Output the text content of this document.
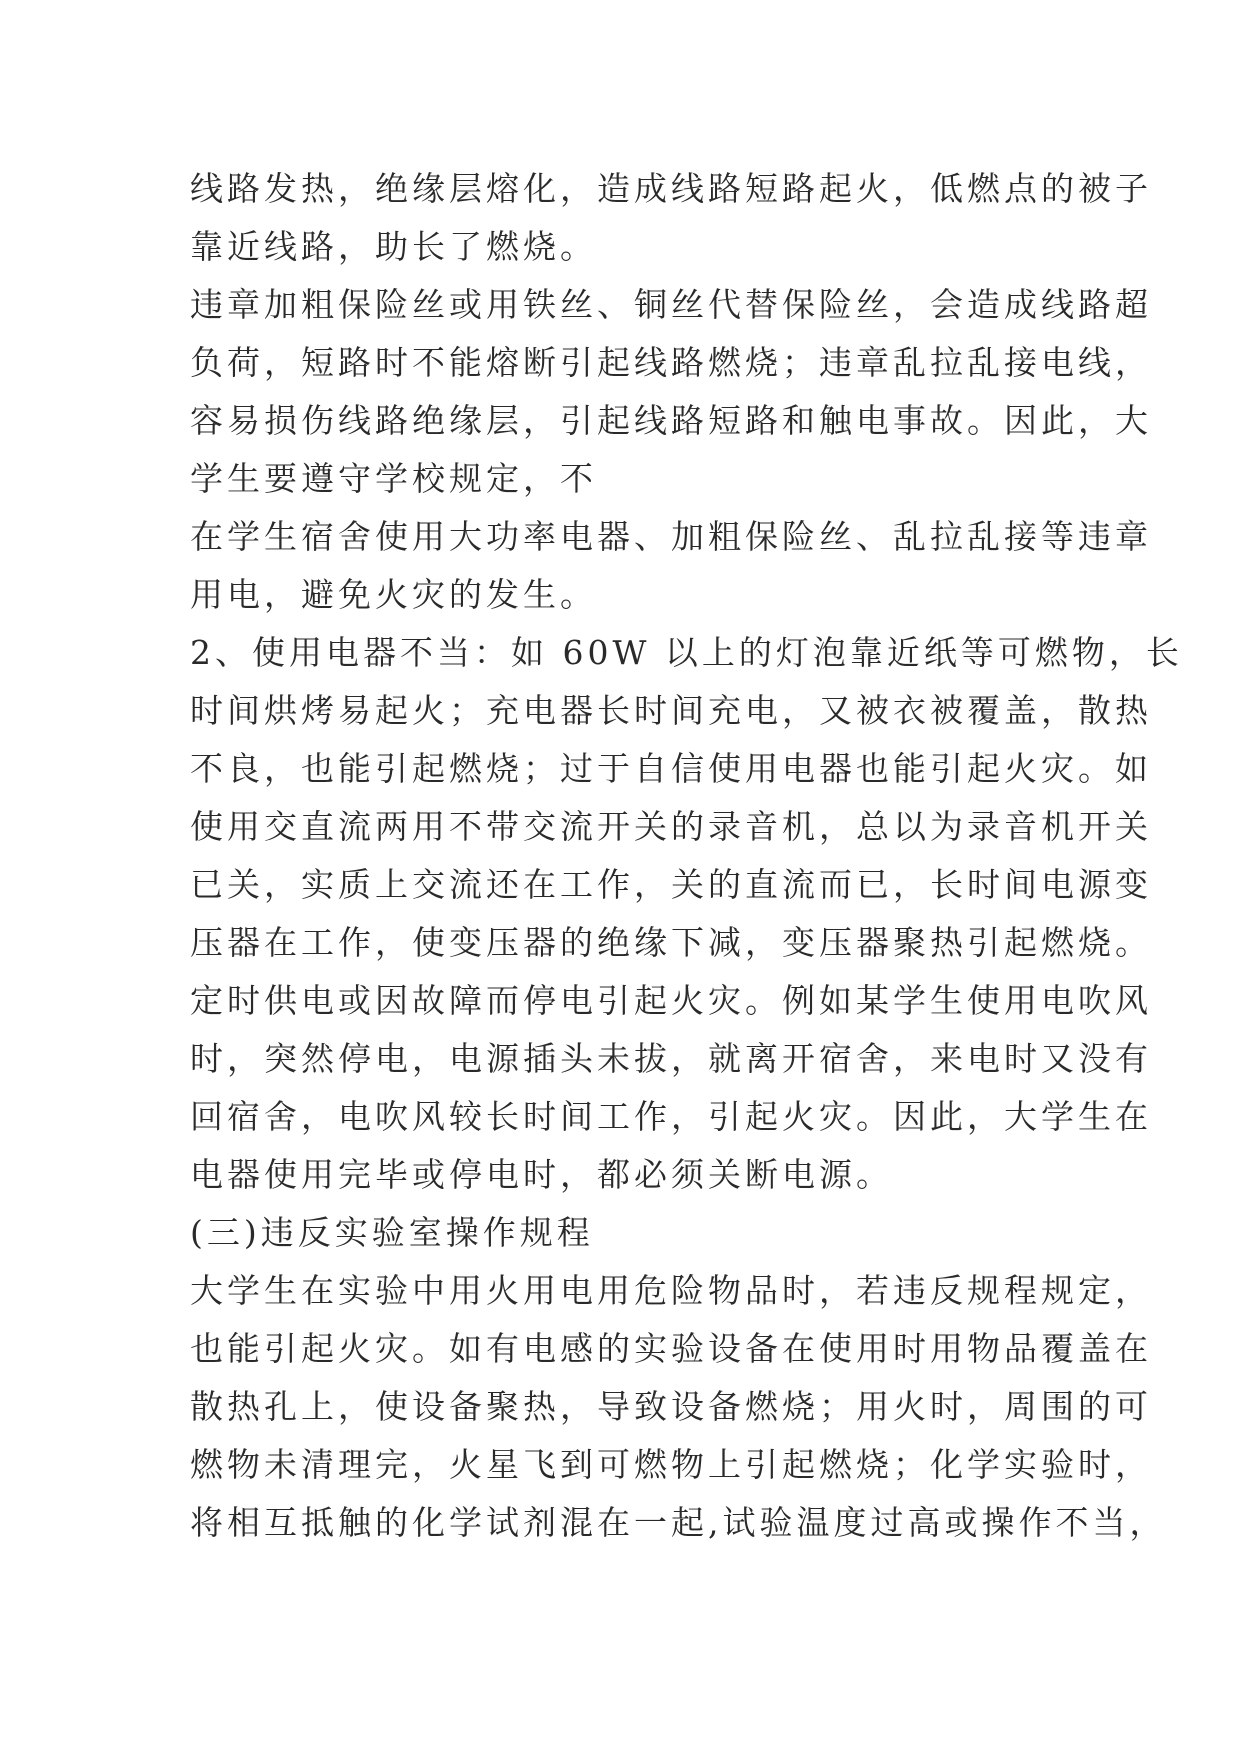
线路发热，绝缘层熔化，造成线路短路起火，低燃点的被子
靠近线路，助长了燃烧。
违章加粗保险丝或用铁丝、铜丝代替保险丝，会造成线路超
负荷，短路时不能熔断引起线路燃烧；违章乱拉乱接电线，
容易损伤线路绝缘层，引起线路短路和触电事故。因此，大
学生要遵守学校规定，不
在学生宿舍使用大功率电器、加粗保险丝、乱拉乱接等违章
用电，避免火灾的发生。
2、使用电器不当：如 60W 以上的灯泡靠近纸等可燃物，长
时间烘烤易起火；充电器长时间充电，又被衣被覆盖，散热
不良，也能引起燃烧；过于自信使用电器也能引起火灾。如
使用交直流两用不带交流开关的录音机，总以为录音机开关
已关，实质上交流还在工作，关的直流而已，长时间电源变
压器在工作，使变压器的绝缘下减，变压器聚热引起燃烧。
定时供电或因故障而停电引起火灾。例如某学生使用电吹风
时，突然停电，电源插头未拔，就离开宿舍，来电时又没有
回宿舍，电吹风较长时间工作，引起火灾。因此，大学生在
电器使用完毕或停电时，都必须关断电源。
(三)违反实验室操作规程
大学生在实验中用火用电用危险物品时，若违反规程规定，
也能引起火灾。如有电感的实验设备在使用时用物品覆盖在
散热孔上，使设备聚热，导致设备燃烧；用火时，周围的可
燃物未清理完，火星飞到可燃物上引起燃烧；化学实验时，
将相互抵触的化学试剂混在一起,试验温度过高或操作不当，
